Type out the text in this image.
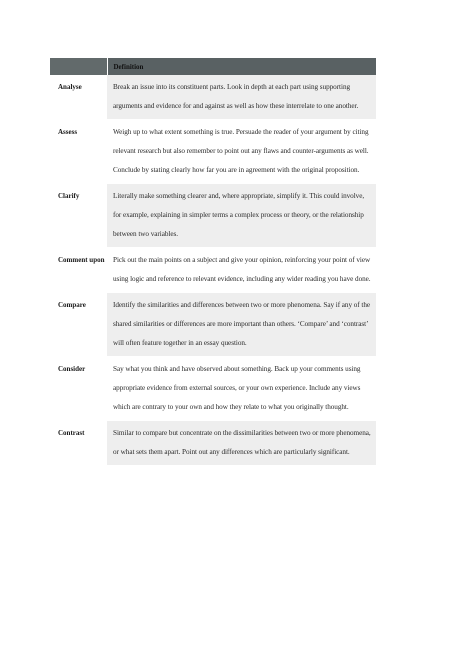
	Definition
Analyse	Break an issue into its constituent parts. Look in depth at each part using supporting arguments and evidence for and against as well as how these interrelate to one another.
Assess	Weigh up to what extent something is true. Persuade the reader of your argument by citing relevant research but also remember to point out any flaws and counter-arguments as well. Conclude by stating clearly how far you are in agreement with the original proposition.
Clarify	Literally make something clearer and, where appropriate, simplify it. This could involve, for example, explaining in simpler terms a complex process or theory, or the relationship between two variables.
Comment upon	Pick out the main points on a subject and give your opinion, reinforcing your point of view using logic and reference to relevant evidence, including any wider reading you have done.
Compare	Identify the similarities and differences between two or more phenomena. Say if any of the shared similarities or differences are more important than others. ‘Compare’ and ‘contrast’ will often feature together in an essay question.
Consider	Say what you think and have observed about something. Back up your comments using appropriate evidence from external sources, or your own experience. Include any views which are contrary to your own and how they relate to what you originally thought.
Contrast	Similar to compare but concentrate on the dissimilarities between two or more phenomena, or what sets them apart. Point out any differences which are particularly significant.
